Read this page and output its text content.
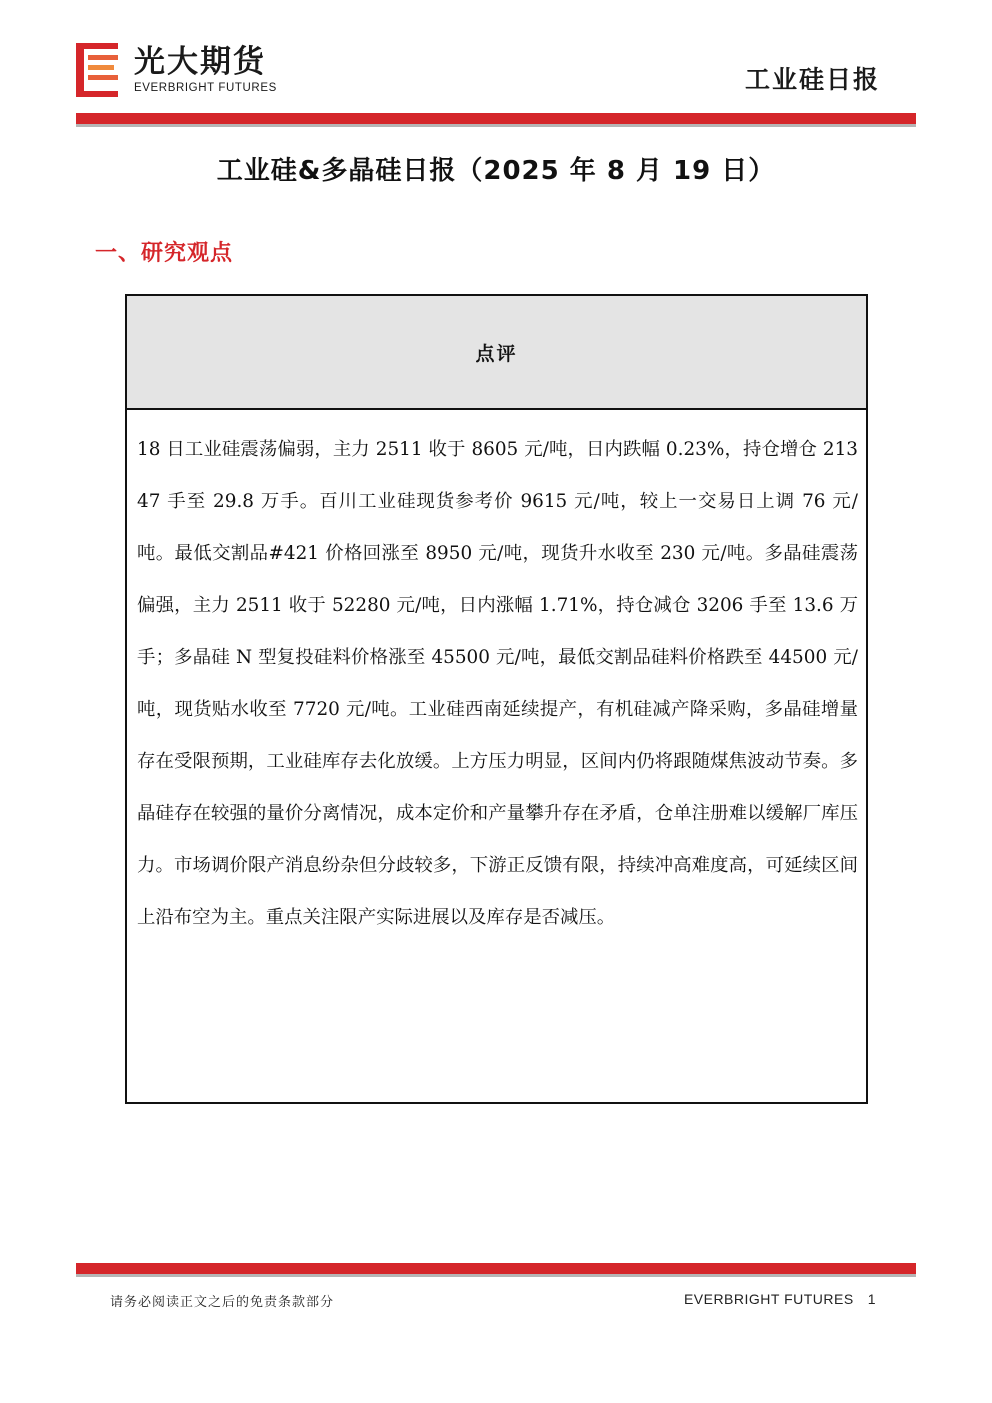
光大期货
EVERBRIGHT FUTURES	工业硅日报
工业硅&多晶硅日报（2025 年 8 月 19 日）
一、研究观点
点评
18 日工业硅震荡偏弱，主力 2511 收于 8605 元/吨，日内跌幅 0.23%，持仓增仓 21347 手至 29.8 万手。百川工业硅现货参考价 9615 元/吨，较上一交易日上调 76 元/吨。最低交割品#421 价格回涨至 8950 元/吨，现货升水收至 230 元/吨。多晶硅震荡偏强，主力 2511 收于 52280 元/吨，日内涨幅 1.71%，持仓减仓 3206 手至 13.6 万手；多晶硅 N 型复投硅料价格涨至 45500 元/吨，最低交割品硅料价格跌至 44500 元/吨，现货贴水收至 7720 元/吨。工业硅西南延续提产，有机硅减产降采购，多晶硅增量存在受限预期，工业硅库存去化放缓。上方压力明显，区间内仍将跟随煤焦波动节奏。多晶硅存在较强的量价分离情况，成本定价和产量攀升存在矛盾，仓单注册难以缓解厂库压力。市场调价限产消息纷杂但分歧较多，下游正反馈有限，持续冲高难度高，可延续区间上沿布空为主。重点关注限产实际进展以及库存是否减压。
请务必阅读正文之后的免责条款部分	EVERBRIGHT FUTURES 1
